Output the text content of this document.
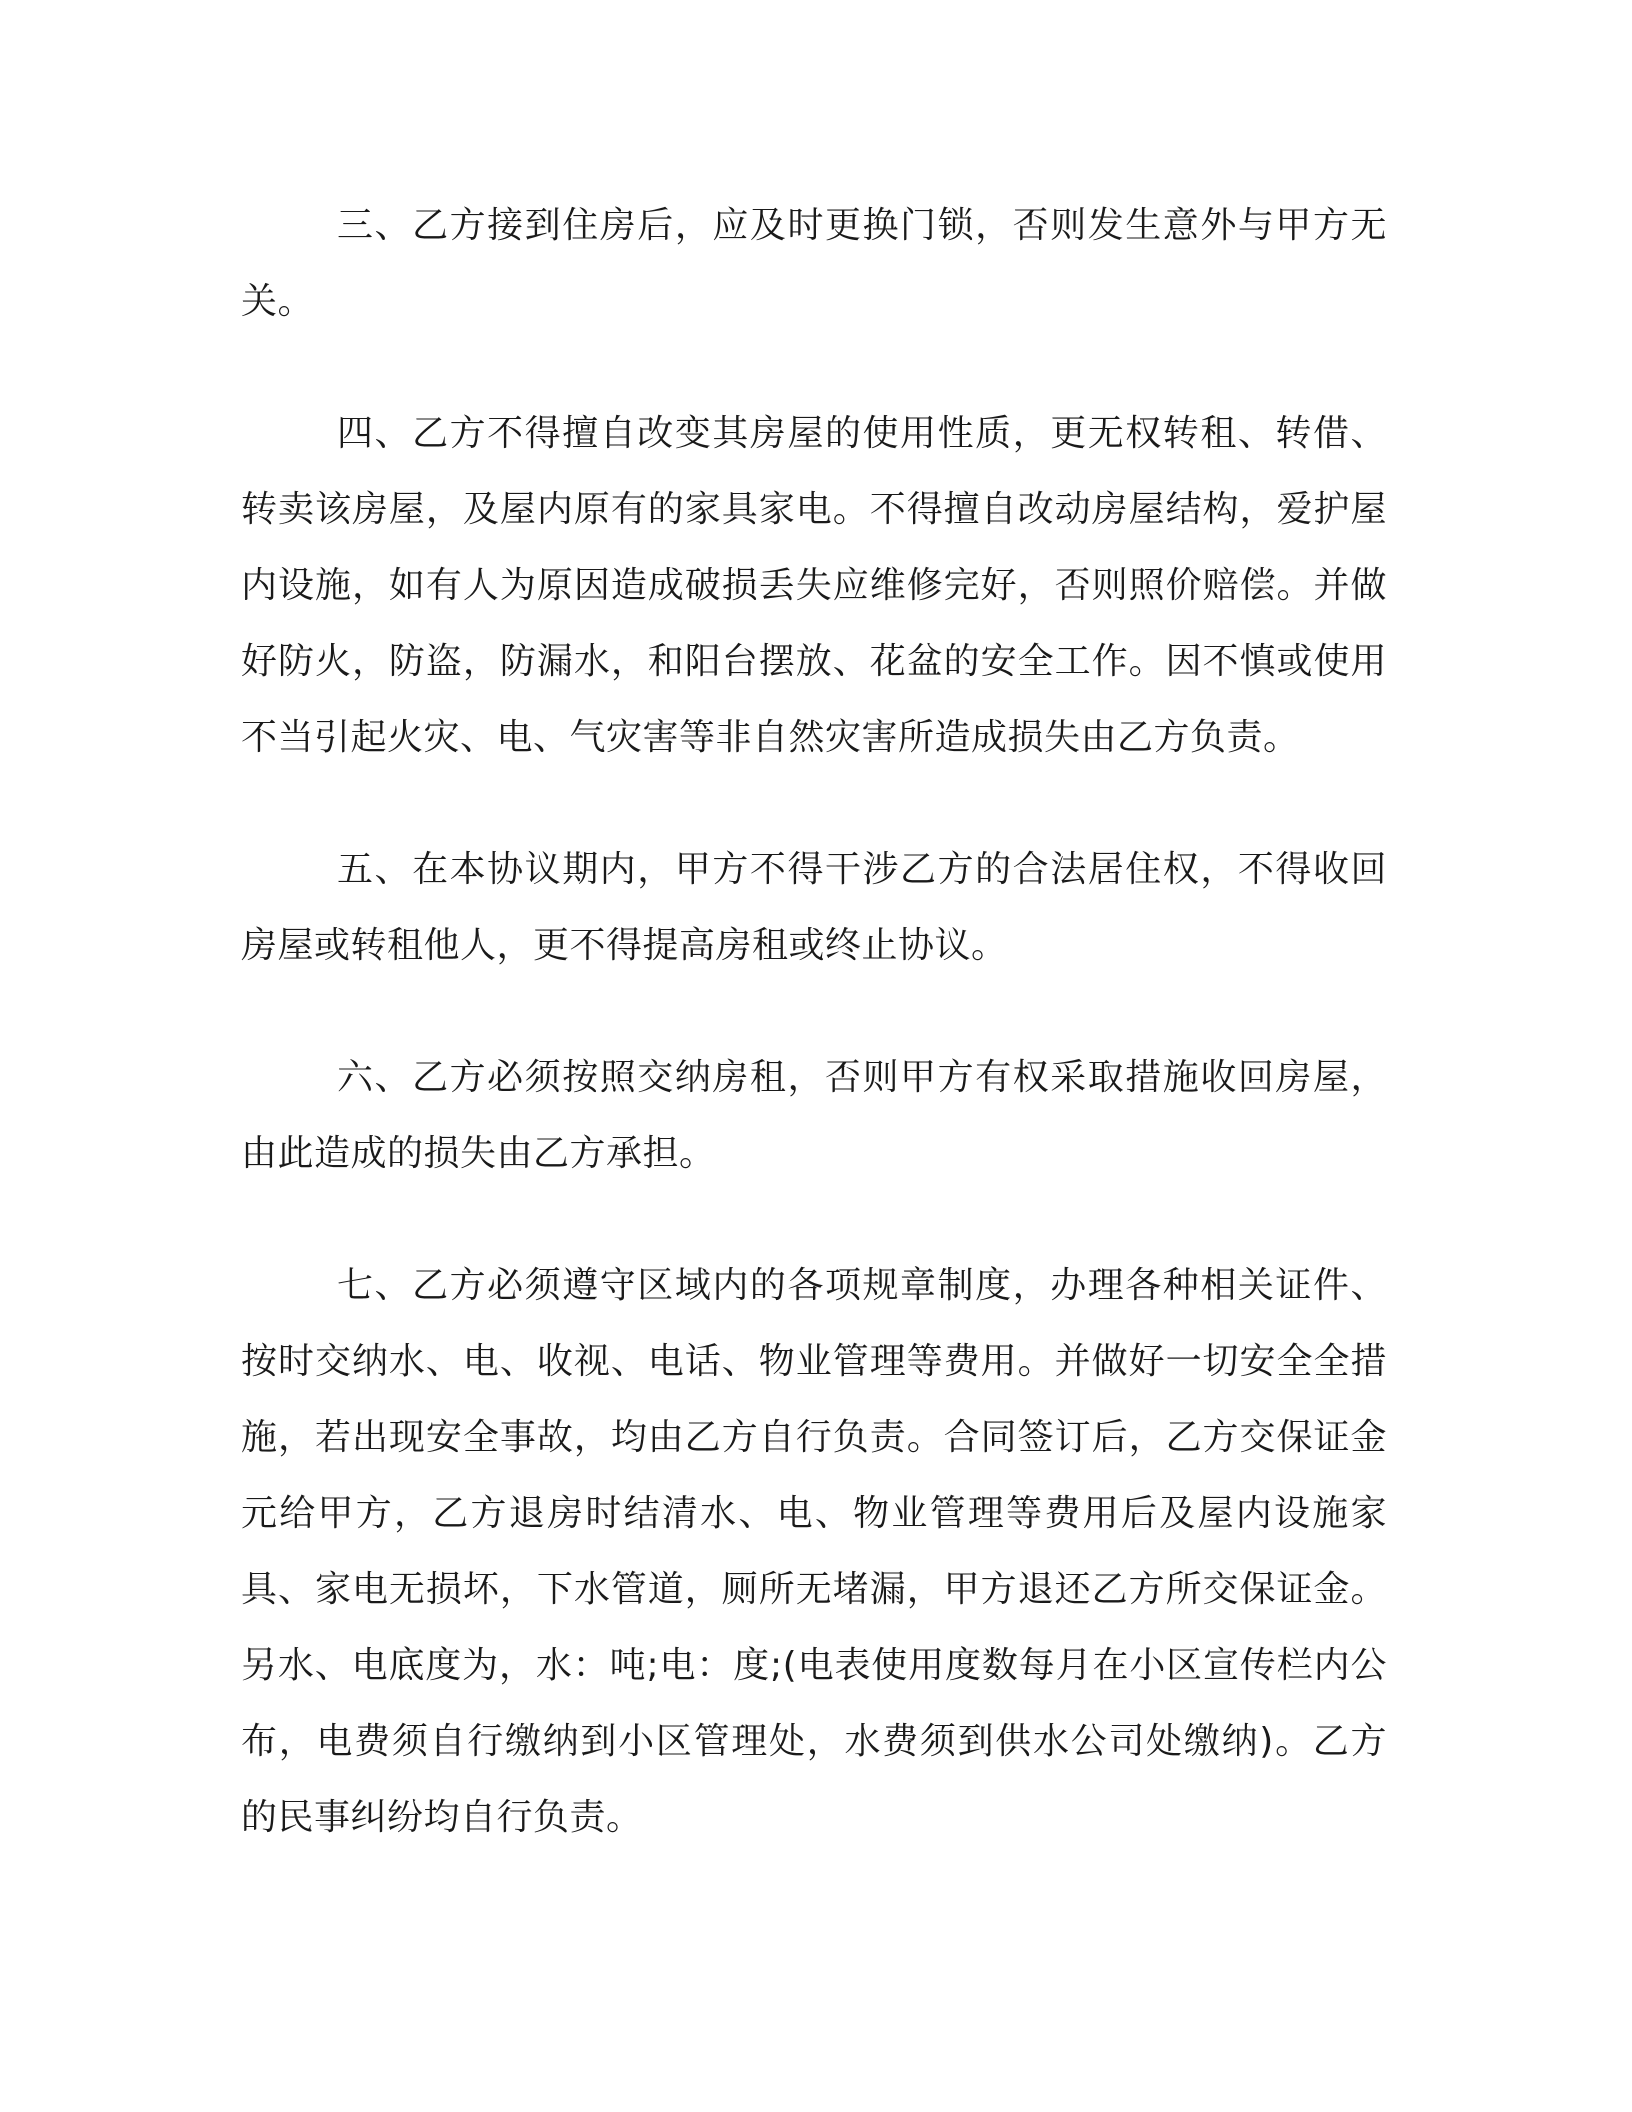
三、乙方接到住房后，应及时更换门锁，否则发生意外与甲方无关。

四、乙方不得擅自改变其房屋的使用性质，更无权转租、转借、转卖该房屋，及屋内原有的家具家电。不得擅自改动房屋结构，爱护屋内设施，如有人为原因造成破损丢失应维修完好，否则照价赔偿。并做好防火，防盗，防漏水，和阳台摆放、花盆的安全工作。因不慎或使用不当引起火灾、电、气灾害等非自然灾害所造成损失由乙方负责。

五、在本协议期内，甲方不得干涉乙方的合法居住权，不得收回房屋或转租他人，更不得提高房租或终止协议。

六、乙方必须按照交纳房租，否则甲方有权采取措施收回房屋，由此造成的损失由乙方承担。

七、乙方必须遵守区域内的各项规章制度，办理各种相关证件、按时交纳水、电、收视、电话、物业管理等费用。并做好一切安全全措施，若出现安全事故，均由乙方自行负责。合同签订后，乙方交保证金元给甲方，乙方退房时结清水、电、物业管理等费用后及屋内设施家具、家电无损坏，下水管道，厕所无堵漏，甲方退还乙方所交保证金。另水、电底度为，水：吨;电：度;(电表使用度数每月在小区宣传栏内公布，电费须自行缴纳到小区管理处，水费须到供水公司处缴纳)。乙方的民事纠纷均自行负责。
